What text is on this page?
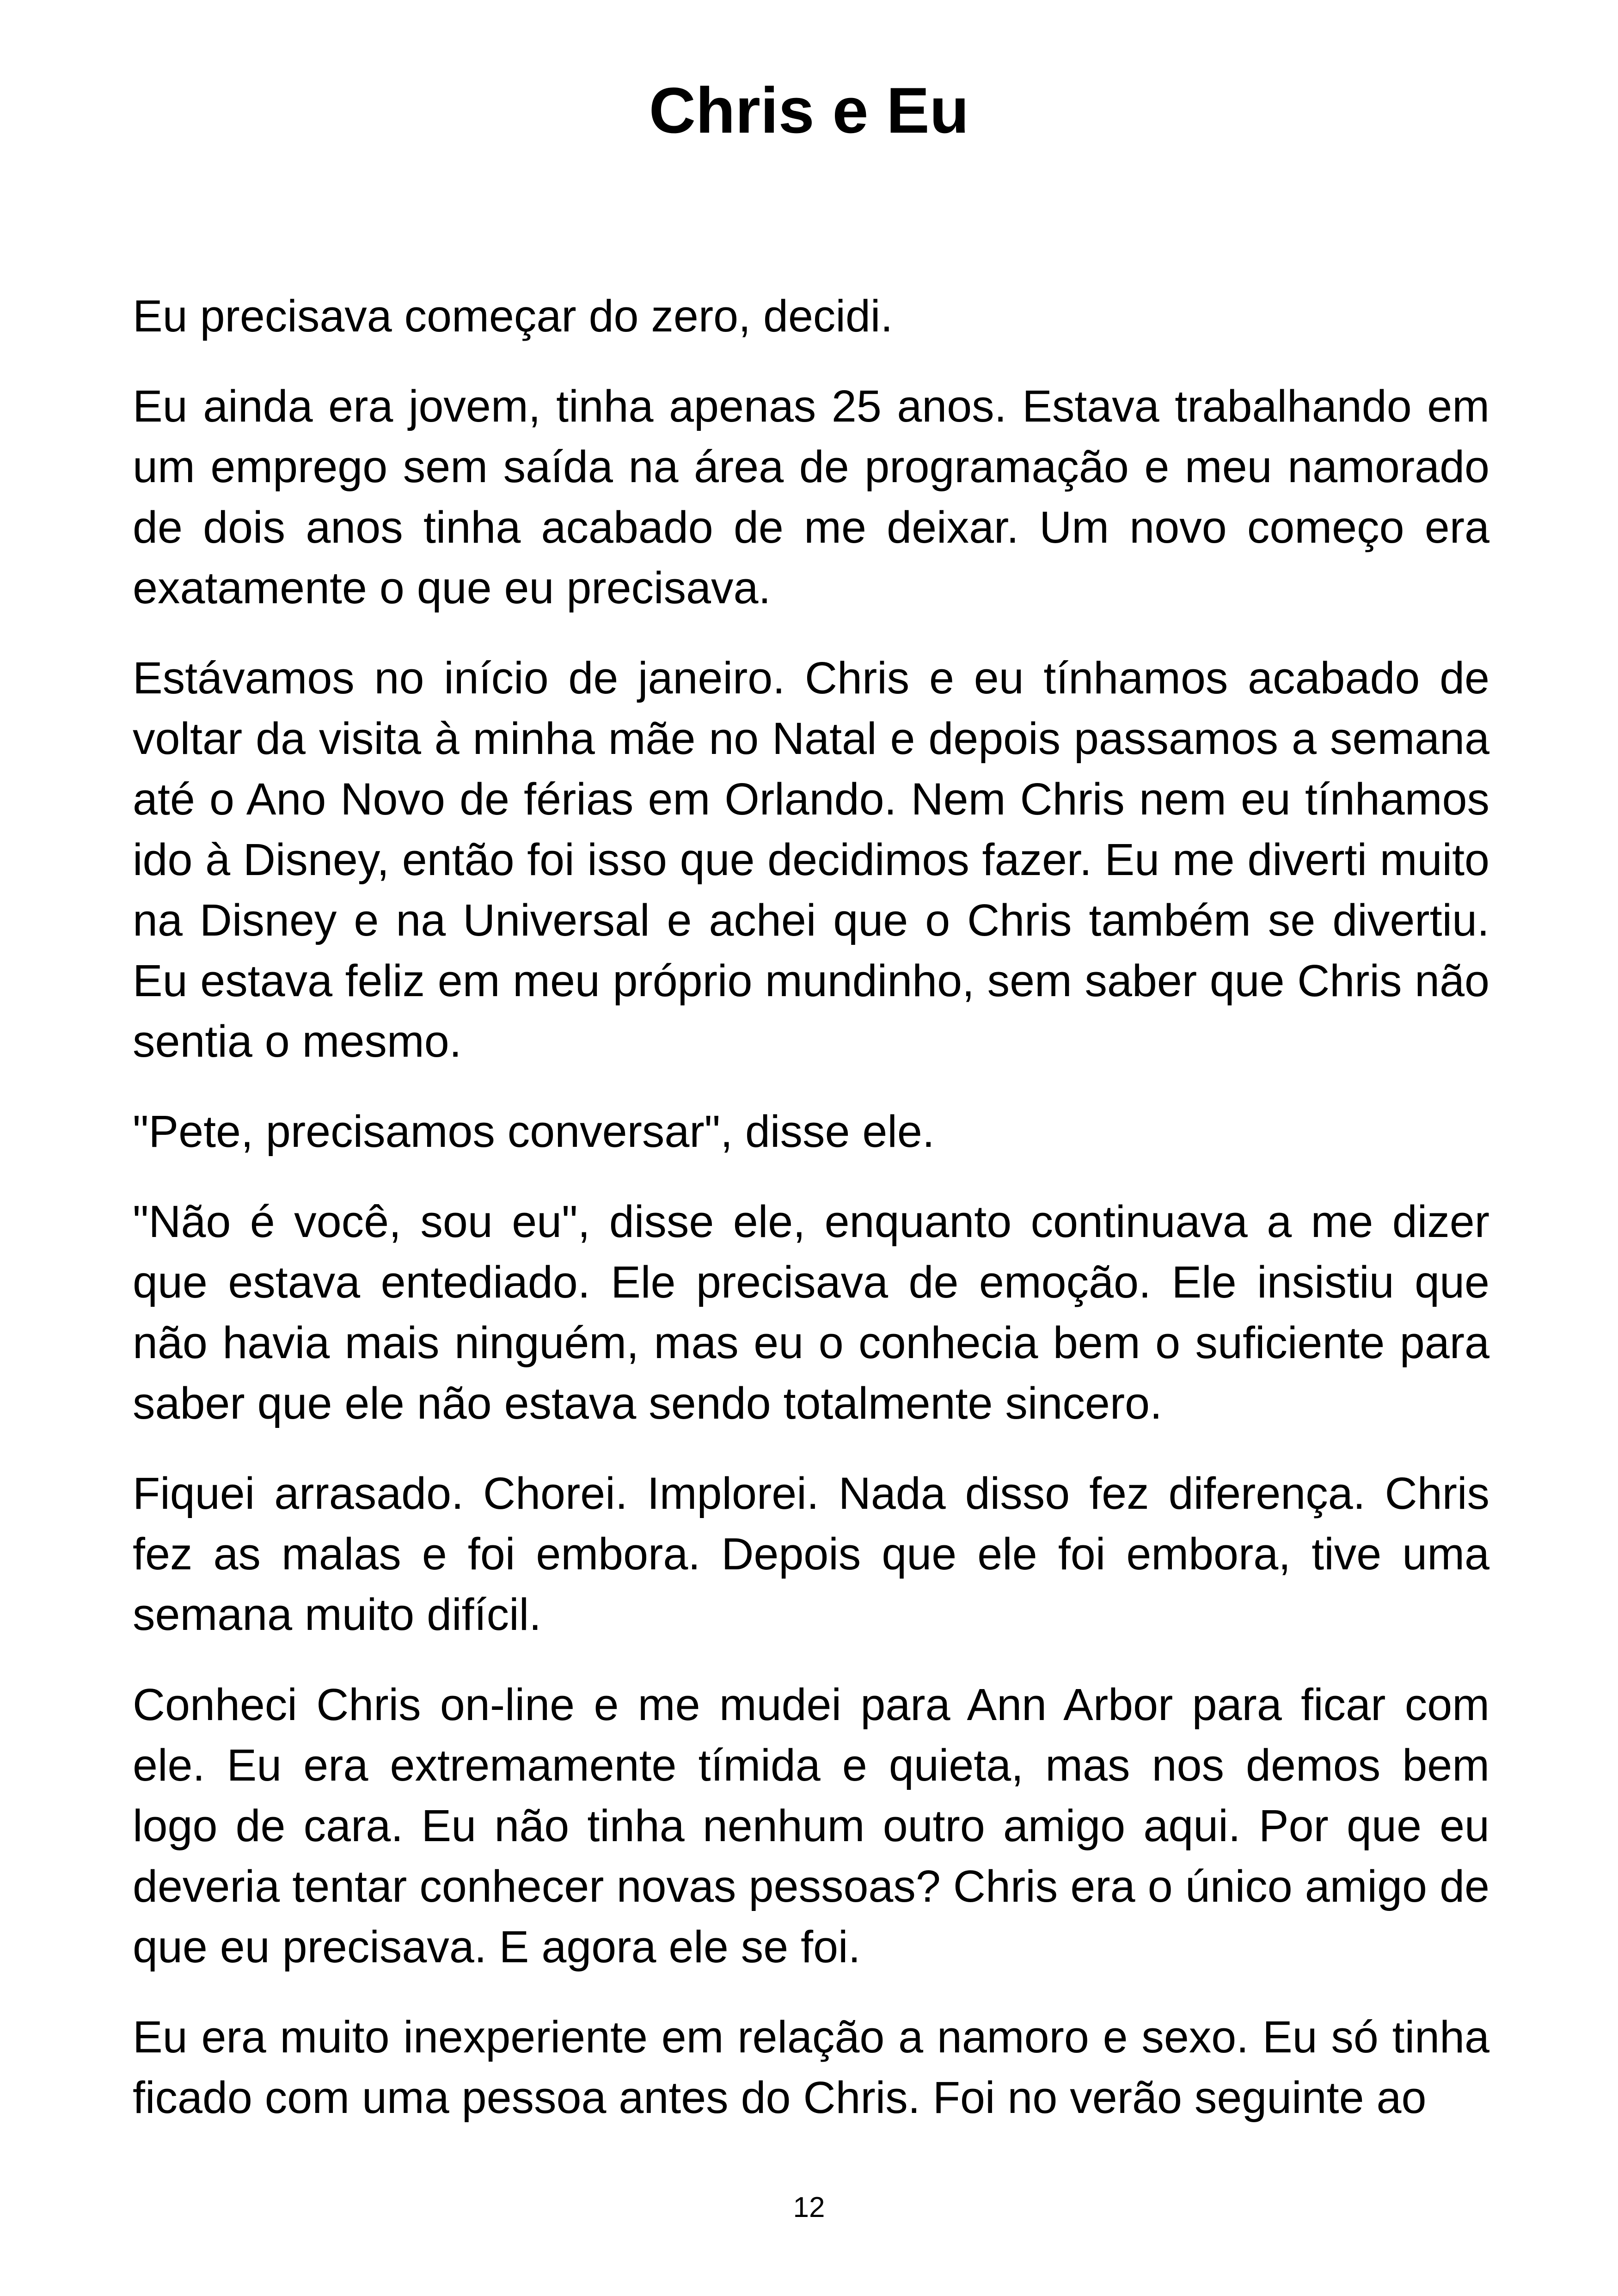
Chris e Eu

Eu precisava começar do zero, decidi.

Eu ainda era jovem, tinha apenas 25 anos. Estava trabalhando em um emprego sem saída na área de programação e meu namorado de dois anos tinha acabado de me deixar. Um novo começo era exatamente o que eu precisava.

Estávamos no início de janeiro. Chris e eu tínhamos acabado de voltar da visita à minha mãe no Natal e depois passamos a semana até o Ano Novo de férias em Orlando. Nem Chris nem eu tínhamos ido à Disney, então foi isso que decidimos fazer. Eu me diverti muito na Disney e na Universal e achei que o Chris também se divertiu. Eu estava feliz em meu próprio mundinho, sem saber que Chris não sentia o mesmo.

"Pete, precisamos conversar", disse ele.

"Não é você, sou eu", disse ele, enquanto continuava a me dizer que estava entediado. Ele precisava de emoção. Ele insistiu que não havia mais ninguém, mas eu o conhecia bem o suficiente para saber que ele não estava sendo totalmente sincero.

Fiquei arrasado. Chorei. Implorei. Nada disso fez diferença. Chris fez as malas e foi embora. Depois que ele foi embora, tive uma semana muito difícil.

Conheci Chris on-line e me mudei para Ann Arbor para ficar com ele. Eu era extremamente tímida e quieta, mas nos demos bem logo de cara. Eu não tinha nenhum outro amigo aqui. Por que eu deveria tentar conhecer novas pessoas? Chris era o único amigo de que eu precisava. E agora ele se foi.

Eu era muito inexperiente em relação a namoro e sexo. Eu só tinha ficado com uma pessoa antes do Chris. Foi no verão seguinte ao

12
